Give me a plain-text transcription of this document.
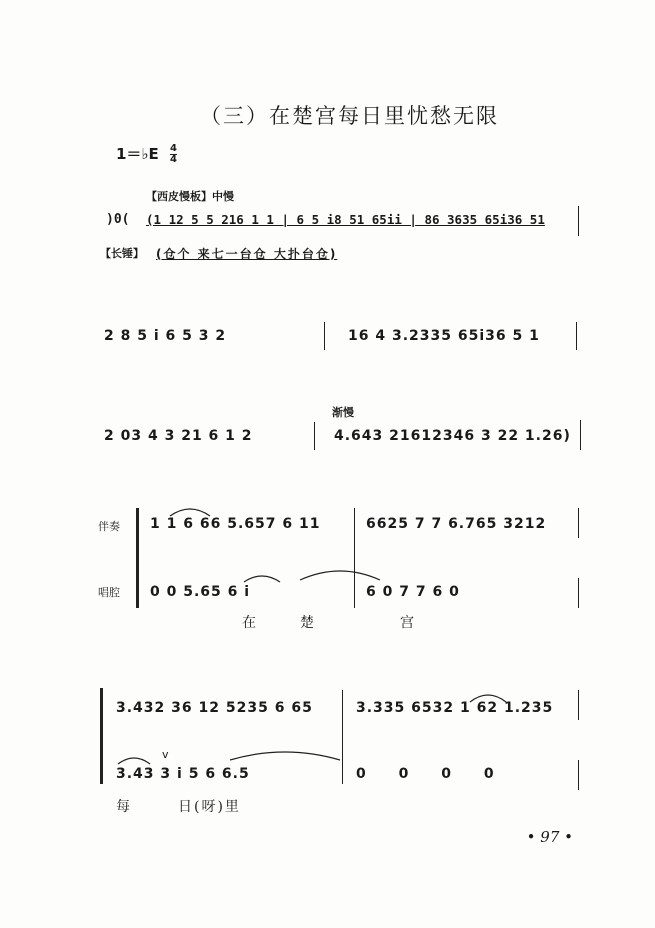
（三）在楚宫每日里忧愁无限
1＝♭E $\frac{4}{4}$
【西皮慢板】中慢
)0( (1 12 5 5 216 1 1 | 6 5 i8 51 65ii | 86 3635 65i36 51
【长锤】 (仓个 来七一台仓 大扑台仓)
2 8 5 i 6 5 3 2	16 4 3.2335 65i36 5 1
渐慢
2 03 4 3 21 6 1 2	4.643 21612346 3 22 1.26)
伴奏
唱腔
1 1 6 66 5.657 6 11	6625 7 7 6.765 3212
0 0 5.65 6 i	6 0 7 7 6 0
在	楚	宫
3.432 36 12 5235 6 65	3.335 6532 1 62 1.235
3.43 3 i 5 6 6.5	0 0 0 0
v
每	日(呀)里
• 97 •
